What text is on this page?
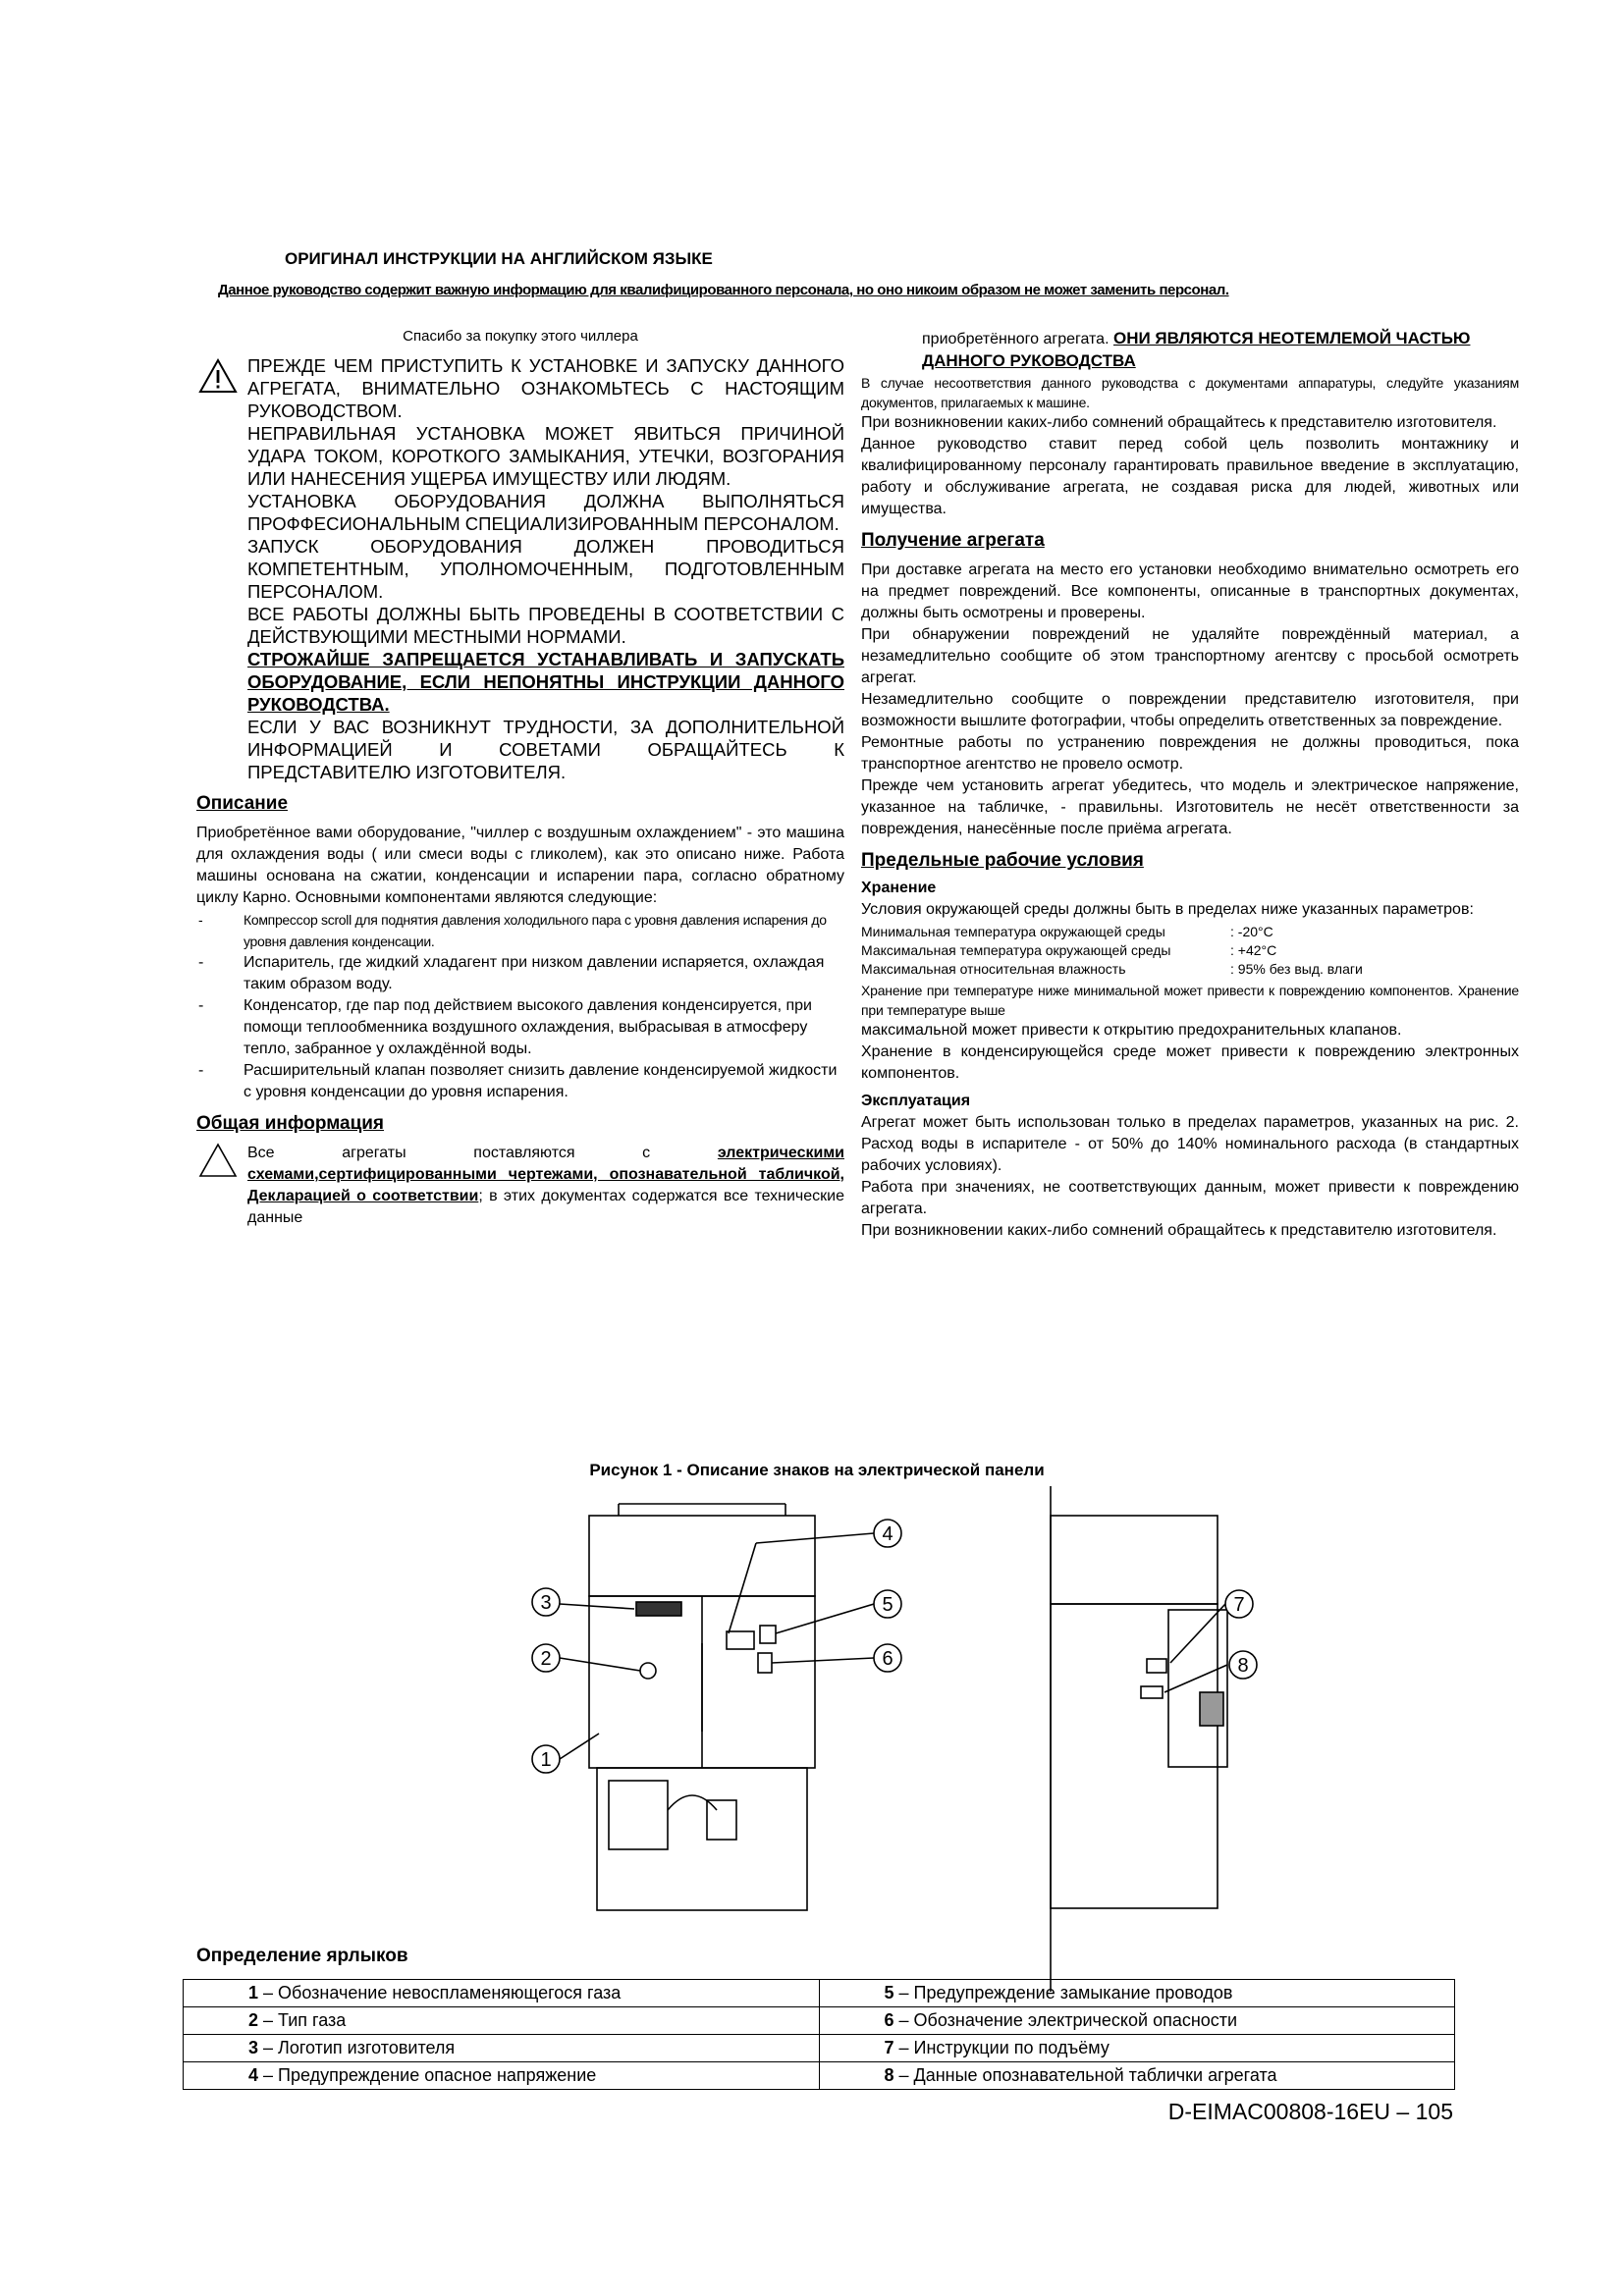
ОРИГИНАЛ ИНСТРУКЦИИ НА АНГЛИЙСКОМ ЯЗЫКЕ
Данное руководство содержит важную информацию для квалифицированного персонала, но оно никоим образом не может заменить персонал.

Спасибо за покупку этого чиллера

ПРЕЖДЕ ЧЕМ ПРИСТУПИТЬ К УСТАНОВКЕ И ЗАПУСКУ ДАННОГО АГРЕГАТА, ВНИМАТЕЛЬНО ОЗНАКОМЬТЕСЬ С НАСТОЯЩИМ РУКОВОДСТВОМ.

НЕПРАВИЛЬНАЯ УСТАНОВКА МОЖЕТ ЯВИТЬСЯ ПРИЧИНОЙ УДАРА ТОКОМ, КОРОТКОГО ЗАМЫКАНИЯ, УТЕЧКИ, ВОЗГОРАНИЯ ИЛИ НАНЕСЕНИЯ УЩЕРБА ИМУЩЕСТВУ ИЛИ ЛЮДЯМ.

УСТАНОВКА ОБОРУДОВАНИЯ ДОЛЖНА ВЫПОЛНЯТЬСЯ ПРОФФЕСИОНАЛЬНЫМ СПЕЦИАЛИЗИРОВАННЫМ ПЕРСОНАЛОМ.

ЗАПУСК ОБОРУДОВАНИЯ ДОЛЖЕН ПРОВОДИТЬСЯ КОМПЕТЕНТНЫМ, УПОЛНОМОЧЕННЫМ, ПОДГОТОВЛЕННЫМ ПЕРСОНАЛОМ.

ВСЕ РАБОТЫ ДОЛЖНЫ БЫТЬ ПРОВЕДЕНЫ В СООТВЕТСТВИИ С ДЕЙСТВУЮЩИМИ МЕСТНЫМИ НОРМАМИ.

СТРОЖАЙШЕ ЗАПРЕЩАЕТСЯ УСТАНАВЛИВАТЬ И ЗАПУСКАТЬ ОБОРУДОВАНИЕ, ЕСЛИ НЕПОНЯТНЫ ИНСТРУКЦИИ ДАННОГО РУКОВОДСТВА.

ЕСЛИ У ВАС ВОЗНИКНУТ ТРУДНОСТИ, ЗА ДОПОЛНИТЕЛЬНОЙ ИНФОРМАЦИЕЙ И СОВЕТАМИ ОБРАЩАЙТЕСЬ К ПРЕДСТАВИТЕЛЮ ИЗГОТОВИТЕЛЯ.

Описание

Приобретённое вами оборудование, "чиллер с воздушным охлаждением" - это машина для охлаждения воды ( или смеси воды с гликолем), как это описано ниже. Работа машины основана на сжатии, конденсации и испарении пара, согласно обратному циклу Карно. Основными компонентами являются следующие:

- Компрессор scroll для поднятия давления холодильного пара с уровня давления испарения до уровня давления конденсации.
- Испаритель, где жидкий хладагент при низком давлении испаряется, охлаждая таким образом воду.
- Конденсатор, где пар под действием высокого давления конденсируется, при помощи теплообменника воздушного охлаждения, выбрасывая в атмосферу тепло, забранное у охлаждённой воды.
- Расширительный клапан позволяет снизить давление конденсируемой жидкости с уровня конденсации до уровня испарения.
Общая информация
Все агрегаты поставляются с	электрическими схемами,сертифицированными чертежами, опознавательной табличкой, Декларацией о соответствии; в этих документах содержатся все технические данные
приобретённого агрегата. ОНИ ЯВЛЯЮТСЯ НЕОТЕМЛЕМОЙ ЧАСТЬЮ ДАННОГО РУКОВОДСТВА

В случае несоответствия данного руководства с документами аппаратуры, следуйте указаниям документов, прилагаемых к машине.

При возникновении каких-либо сомнений обращайтесь к представителю изготовителя.

Данное руководство ставит перед собой цель позволить монтажнику и квалифицированному персоналу гарантировать правильное введение в эксплуатацию, работу и обслуживание агрегата, не создавая риска для людей, животных или имущества.

Получение агрегата

При доставке агрегата на место его установки необходимо внимательно осмотреть его на предмет повреждений. Все компоненты, описанные в транспортных документах, должны быть осмотрены и проверены.

При обнаружении повреждений не удаляйте повреждённый материал, а незамедлительно сообщите об этом транспортному агентсву с просьбой осмотреть агрегат.

Незамедлительно сообщите о повреждении представителю изготовителя, при возможности вышлите фотографии, чтобы определить ответственных за повреждение.

Ремонтные работы по устранению повреждения не должны проводиться, пока транспортное агентство не провело осмотр.

Прежде чем установить агрегат убедитесь, что модель и электрическое напряжение, указанное на табличке, - правильны. Изготовитель не несёт ответственности за повреждения, нанесённые после приёма агрегата.

Предельные рабочие условия
Хранение

Условия окружающей среды должны быть в пределах ниже указанных параметров:

Минимальная температура окружающей среды	: -20°C
Максимальная температура окружающей среды	: +42°C
Максимальная относительная влажность	: 95% без выд. влаги

Хранение при температуре ниже минимальной может привести к повреждению компонентов. Хранение при температуре выше

максимальной может привести к открытию предохранительных клапанов.

Хранение в конденсирующейся среде может привести к повреждению электронных компонентов.

Эксплуатация

Агрегат может быть использован только в пределах параметров, указанных на рис. 2. Расход воды в испарителе - от 50% до 140% номинального расхода (в стандартных рабочих условиях).

Работа при значениях, не соответствующих данным, может привести к повреждению агрегата.

При возникновении каких-либо сомнений обращайтесь к представителю изготовителя.

Рисунок 1 - Описание знаков на электрической панели
3
2
1
4
5
6
7
8
Определение ярлыков
1 – Обозначение невоспламеняющегося газа	5 – Предупреждение замыкание проводов
2 – Тип газа	6 – Обозначение электрической опасности
3 – Логотип изготовителя	7 – Инструкции по подъёму
4 – Предупреждение опасное напряжение	8 – Данные опознавательной таблички агрегата
D-EIMAC00808-16EU – 105
